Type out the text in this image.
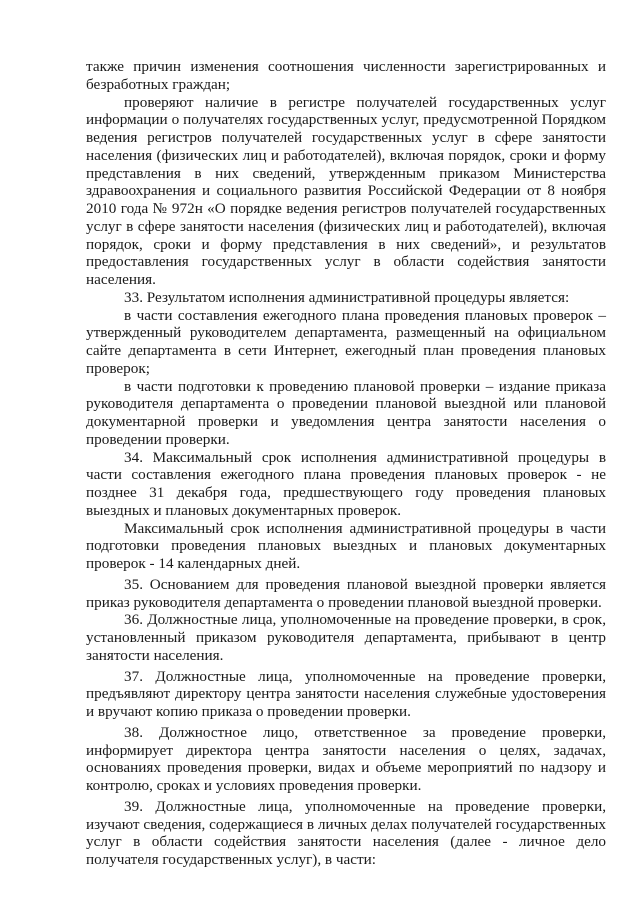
также причин изменения соотношения численности зарегистрированных и безработных граждан;

проверяют наличие в регистре получателей государственных услуг информации о получателях государственных услуг, предусмотренной Порядком ведения регистров получателей государственных услуг в сфере занятости населения (физических лиц и работодателей), включая порядок, сроки и форму представления в них сведений, утвержденным приказом Министерства здравоохранения и социального развития Российской Федерации от 8 ноября 2010 года № 972н «О порядке ведения регистров получателей государственных услуг в сфере занятости населения (физических лиц и работодателей), включая порядок, сроки и форму представления в них сведений», и результатов предоставления государственных услуг в области содействия занятости населения.

33. Результатом исполнения административной процедуры является:

в части составления ежегодного плана проведения плановых проверок – утвержденный руководителем департамента, размещенный на официальном сайте департамента в сети Интернет, ежегодный план проведения плановых проверок;

в части подготовки к проведению плановой проверки – издание приказа руководителя департамента о проведении плановой выездной или плановой документарной проверки и уведомления центра занятости населения о проведении проверки.

34. Максимальный срок исполнения административной процедуры в части составления ежегодного плана проведения плановых проверок - не позднее 31 декабря года, предшествующего году проведения плановых выездных и плановых документарных проверок.

Максимальный срок исполнения административной процедуры в части подготовки проведения плановых выездных и плановых документарных проверок - 14 календарных дней.

35. Основанием для проведения плановой выездной проверки является приказ руководителя департамента о проведении плановой выездной проверки.

36. Должностные лица, уполномоченные на проведение проверки, в срок, установленный приказом руководителя департамента, прибывают в центр занятости населения.

37. Должностные лица, уполномоченные на проведение проверки, предъявляют директору центра занятости населения служебные удостоверения и вручают копию приказа о проведении проверки.

38. Должностное лицо, ответственное за проведение проверки, информирует директора центра занятости населения о целях, задачах, основаниях проведения проверки, видах и объеме мероприятий по надзору и контролю, сроках и условиях проведения проверки.

39. Должностные лица, уполномоченные на проведение проверки, изучают сведения, содержащиеся в личных делах получателей государственных услуг в области содействия занятости населения (далее - личное дело получателя государственных услуг), в части:
